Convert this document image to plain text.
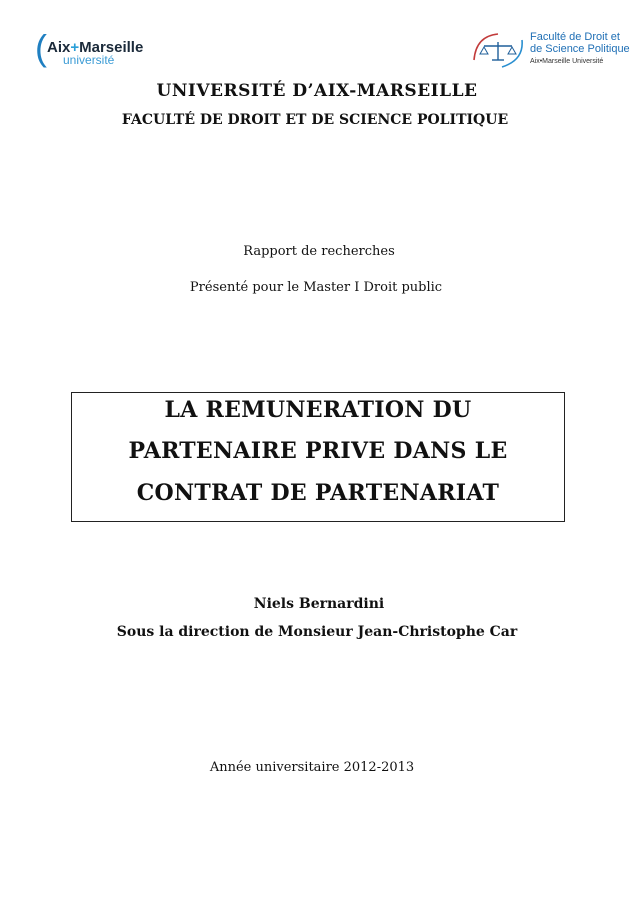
( Aix+Marseille
université
Faculté de Droit et
de Science Politique
Aix•Marseille Université
UNIVERSITÉ D’AIX-MARSEILLE
FACULTÉ DE DROIT ET DE SCIENCE POLITIQUE
Rapport de recherches
Présenté pour le Master I Droit public
LA REMUNERATION DU
PARTENAIRE PRIVE DANS LE
CONTRAT DE PARTENARIAT
Niels Bernardini
Sous la direction de Monsieur Jean-Christophe Car
Année universitaire 2012-2013
